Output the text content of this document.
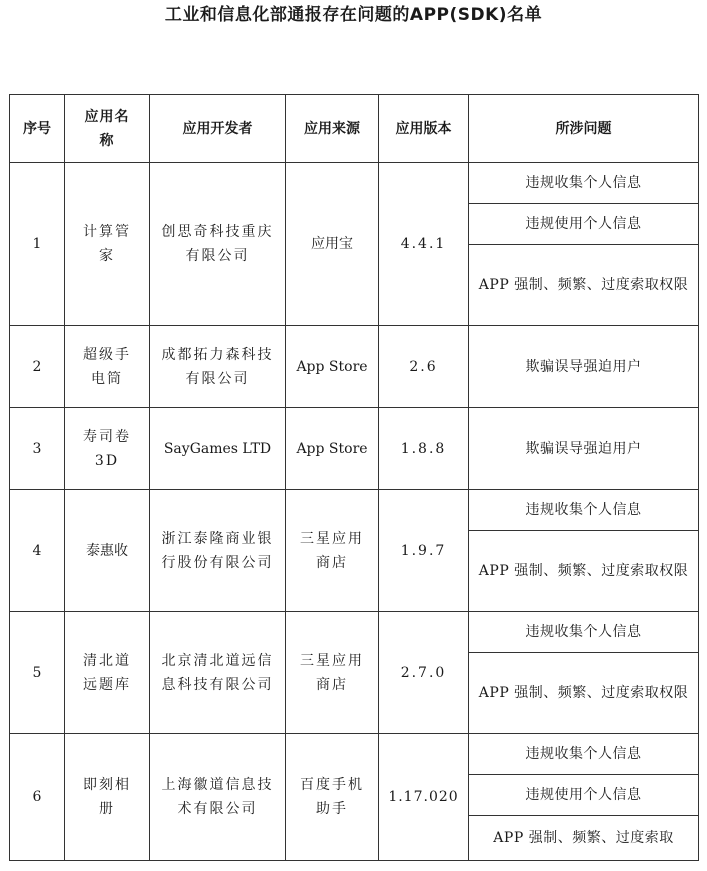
工业和信息化部通报存在问题的APP(SDK)名单
序号	应用名称	应用开发者	应用来源	应用版本	所涉问题
1	计算管家	创思奇科技重庆有限公司	应用宝	4.4.1	违规收集个人信息
					违规使用个人信息
					APP 强制、频繁、过度索取权限

2	超级手电筒	成都拓力森科技有限公司	App Store	2.6	欺骗误导强迫用户
3	寿司卷3D	SayGames LTD	App Store	1.8.8	欺骗误导强迫用户
4	泰惠收	浙江泰隆商业银行股份有限公司	三星应用商店	1.9.7	违规收集个人信息
					APP 强制、频繁、过度索取权限

5	清北道远题库	北京清北道远信息科技有限公司	三星应用商店	2.7.0	违规收集个人信息
					APP 强制、频繁、过度索取权限

6	即刻相册	上海徽道信息技术有限公司	百度手机助手	1.17.020	违规收集个人信息
					违规使用个人信息
					APP 强制、频繁、过度索取
